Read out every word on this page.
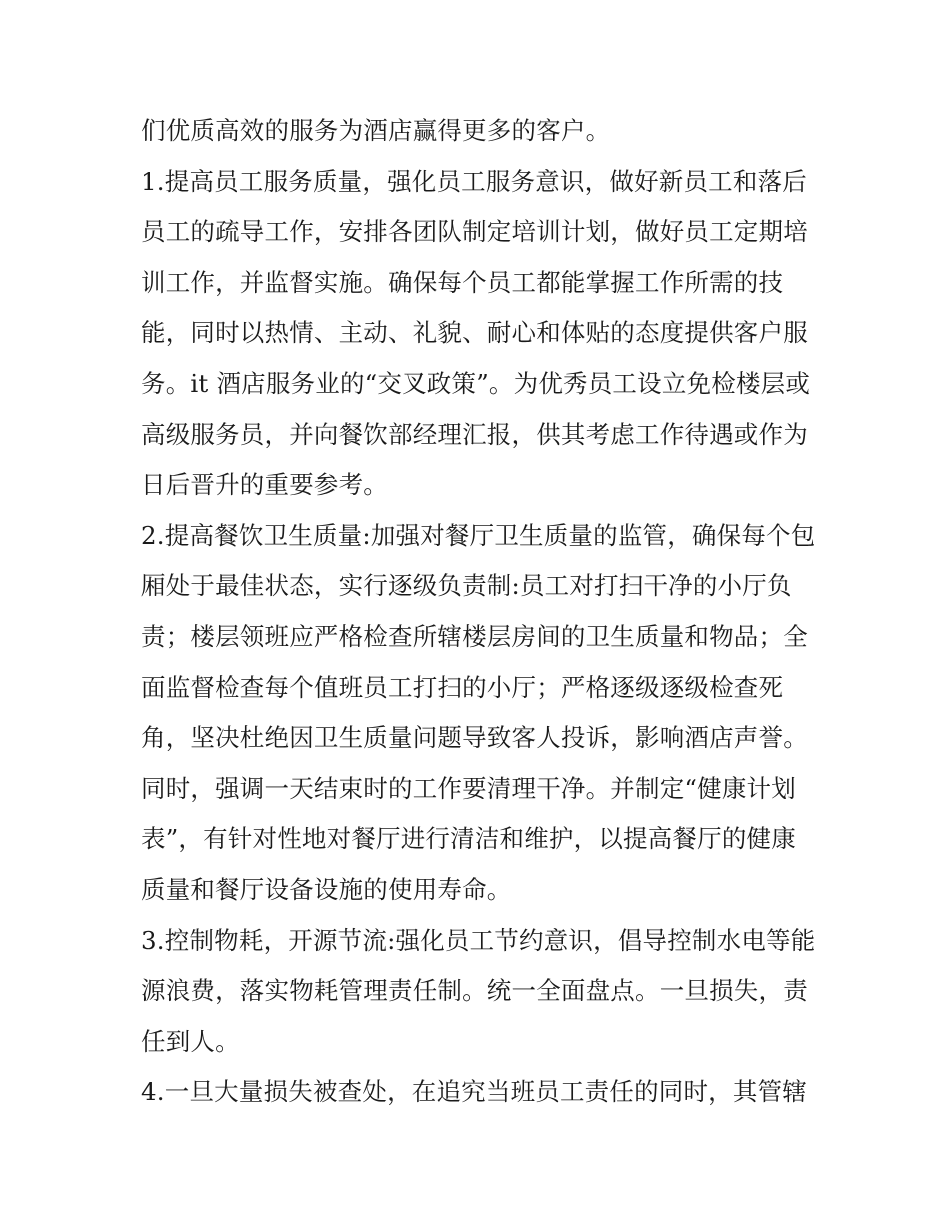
们优质高效的服务为酒店赢得更多的客户。
1.提高员工服务质量，强化员工服务意识，做好新员工和落后
员工的疏导工作，安排各团队制定培训计划，做好员工定期培
训工作，并监督实施。确保每个员工都能掌握工作所需的技
能，同时以热情、主动、礼貌、耐心和体贴的态度提供客户服
务。it 酒店服务业的“交叉政策”。为优秀员工设立免检楼层或
高级服务员，并向餐饮部经理汇报，供其考虑工作待遇或作为
日后晋升的重要参考。
2.提高餐饮卫生质量:加强对餐厅卫生质量的监管，确保每个包
厢处于最佳状态，实行逐级负责制:员工对打扫干净的小厅负
责；楼层领班应严格检查所辖楼层房间的卫生质量和物品；全
面监督检查每个值班员工打扫的小厅；严格逐级逐级检查死
角，坚决杜绝因卫生质量问题导致客人投诉，影响酒店声誉。
同时，强调一天结束时的工作要清理干净。并制定“健康计划
表”，有针对性地对餐厅进行清洁和维护，以提高餐厅的健康
质量和餐厅设备设施的使用寿命。
3.控制物耗，开源节流:强化员工节约意识，倡导控制水电等能
源浪费，落实物耗管理责任制。统一全面盘点。一旦损失，责
任到人。
4.一旦大量损失被查处，在追究当班员工责任的同时，其管辖
